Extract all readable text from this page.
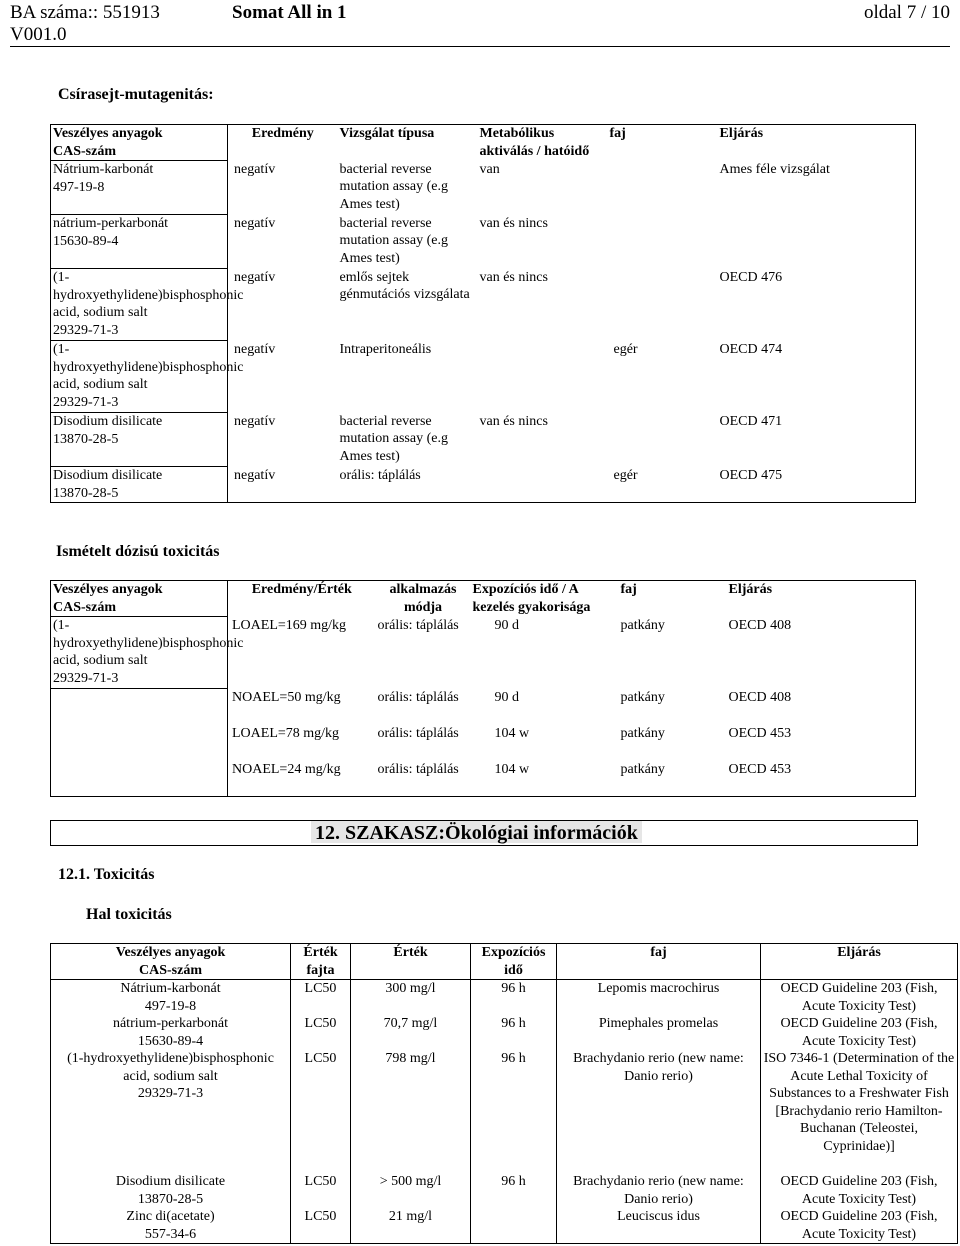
BA száma:: 551913
V001.0
Somat All in 1	oldal 7 / 10
Csírasejt-mutagenitás:
Veszélyes anyagok
CAS-szám	Eredmény	Vizsgálat típusa	Metabólikus aktiválás / hatóidő	faj	Eljárás
Nátrium-karbonát
497-19-8	negatív	bacterial reverse mutation assay (e.g Ames test)	van		Ames féle vizsgálat
nátrium-perkarbonát
15630-89-4	negatív	bacterial reverse mutation assay (e.g Ames test)	van és nincs		
(1-hydroxyethylidene)bisphosphonic acid, sodium salt
29329-71-3	negatív	emlős sejtek génmutációs vizsgálata	van és nincs		OECD 476
(1-hydroxyethylidene)bisphosphonic acid, sodium salt
29329-71-3	negatív	Intraperitoneális		egér	OECD 474
Disodium disilicate
13870-28-5	negatív	bacterial reverse mutation assay (e.g Ames test)	van és nincs		OECD 471
Disodium disilicate
13870-28-5	negatív	orális: táplálás		egér	OECD 475
Ismételt dózisú toxicitás
Veszélyes anyagok
CAS-szám	Eredmény/Érték	alkalmazás módja	Expozíciós idő / A kezelés gyakorisága	faj	Eljárás
(1-hydroxyethylidene)bisphosphonic acid, sodium salt
29329-71-3	LOAEL=169 mg/kg	orális: táplálás	90 d	patkány	OECD 408
	NOAEL=50 mg/kg	orális: táplálás	90 d	patkány	OECD 408
	LOAEL=78 mg/kg	orális: táplálás	104 w	patkány	OECD 453
	NOAEL=24 mg/kg	orális: táplálás	104 w	patkány	OECD 453
12. SZAKASZ:Ökológiai információk
12.1. Toxicitás
Hal toxicitás
Veszélyes anyagok
CAS-szám	Érték fajta	Érték	Expozíciós idő	faj	Eljárás
Nátrium-karbonát
497-19-8	LC50	300 mg/l	96 h	Lepomis macrochirus	OECD Guideline 203 (Fish, Acute Toxicity Test)
nátrium-perkarbonát
15630-89-4	LC50	70,7 mg/l	96 h	Pimephales promelas	OECD Guideline 203 (Fish, Acute Toxicity Test)
(1-hydroxyethylidene)bisphosphonic acid, sodium salt
29329-71-3	LC50	798 mg/l	96 h	Brachydanio rerio (new name: Danio rerio)	ISO 7346-1 (Determination of the Acute Lethal Toxicity of Substances to a Freshwater Fish [Brachydanio rerio Hamilton-Buchanan (Teleostei, Cyprinidae)]
Disodium disilicate
13870-28-5	LC50	> 500 mg/l	96 h	Brachydanio rerio (new name: Danio rerio)	OECD Guideline 203 (Fish, Acute Toxicity Test)
Zinc di(acetate)
557-34-6	LC50	21 mg/l		Leuciscus idus	OECD Guideline 203 (Fish, Acute Toxicity Test)
